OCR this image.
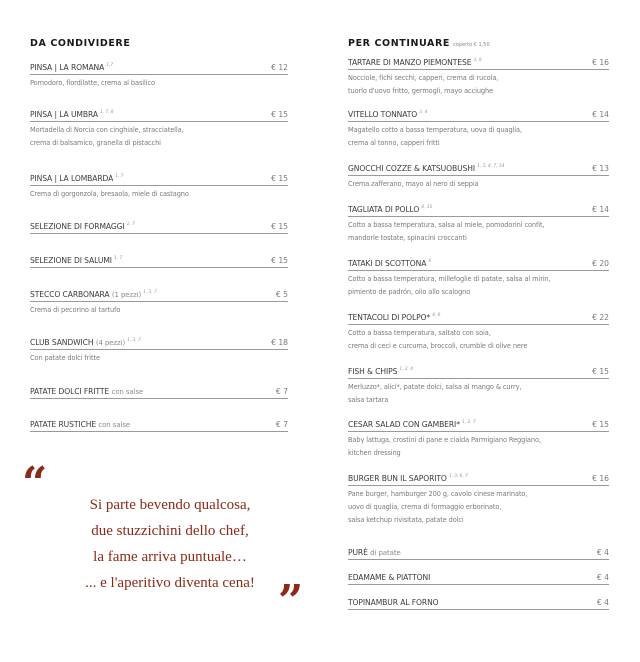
DA CONDIVIDERE
PINSA | LA ROMANA $^{1,7}$	€ 12
Pomodoro, fiordilatte, crema al basilico
PINSA | LA UMBRA $^{1, 7, 8}$	€ 15
Mortadella di Norcia con cinghiale, stracciatella,
crema di balsamico, granella di pistacchi
PINSA | LA LOMBARDA $^{1, 7}$	€ 15
Crema di gorgonzola, bresaola, miele di castagno
SELEZIONE DI FORMAGGI $^{1, 7}$	€ 15
SELEZIONE DI SALUMI $^{1, 7}$	€ 15
STECCO CARBONARA (1 pezzi) $^{1, 3, 7}$	€ 5
Crema di pecorino al tartufo
CLUB SANDWICH (4 pezzi) $^{1, 3, 7}$	€ 18
Con patate dolci fritte
PATATE DOLCI FRITTE con salse	€ 7
PATATE RUSTICHE con salse	€ 7
“	Si parte bevendo qualcosa,
due stuzzichini dello chef,
la fame arriva puntuale…
... e l'aperitivo diventa cena! ”
PER CONTINUARE coperto € 1,50
TARTARE DI MANZO PIEMONTESE $^{3, 8}$	€ 16
Nocciole, fichi secchi, capperi, crema di rucola,
tuorlo d'uovo fritto, germogli, mayo acciughe
VITELLO TONNATO $^{3, 4}$	€ 14
Magatello cotto a bassa temperatura, uova di quaglia,
crema al tonno, capperi fritti
GNOCCHI COZZE & KATSUOBUSHI $^{1, 3, 4, 7, 14}$	€ 13
Crema zafferano, mayo al nero di seppia
TAGLIATA DI POLLO $^{8, 10}$	€ 14
Cotto a bassa temperatura, salsa al miele, pomodorini confit,
mandorle tostate, spinacini croccanti
TATAKI DI SCOTTONA $^6$	€ 20
Cotto a bassa temperatura, millefoglie di patate, salsa al mirin,
pimiento de padrón, olio allo scalogno
TENTACOLI DI POLPO* $^{4, 6}$	€ 22
Cotto a bassa temperatura, saltato con soia,
crema di ceci e curcuma, broccoli, crumble di olive nere
FISH & CHIPS $^{1, 3, 4}$	€ 15
Merluzzo*, alici*, patate dolci, salsa al mango & curry,
salsa tartara
CESAR SALAD CON GAMBERI* $^{1, 2, 7}$	€ 15
Baby lattuga, crostini di pane e cialda Parmigiano Reggiano,
kitchen dressing
BURGER BUN IL SAPORITO $^{1, 3, 6, 7}$	€ 16
Pane burger, hamburger 200 g, cavolo cinese marinato,
uovo di quaglia, crema di formaggio erborinato,
salsa ketchup rivisitata, patate dolci
PURÈ di patate	€ 4
EDAMAME & PIATTONI	€ 4
TOPINAMBUR AL FORNO	€ 4
